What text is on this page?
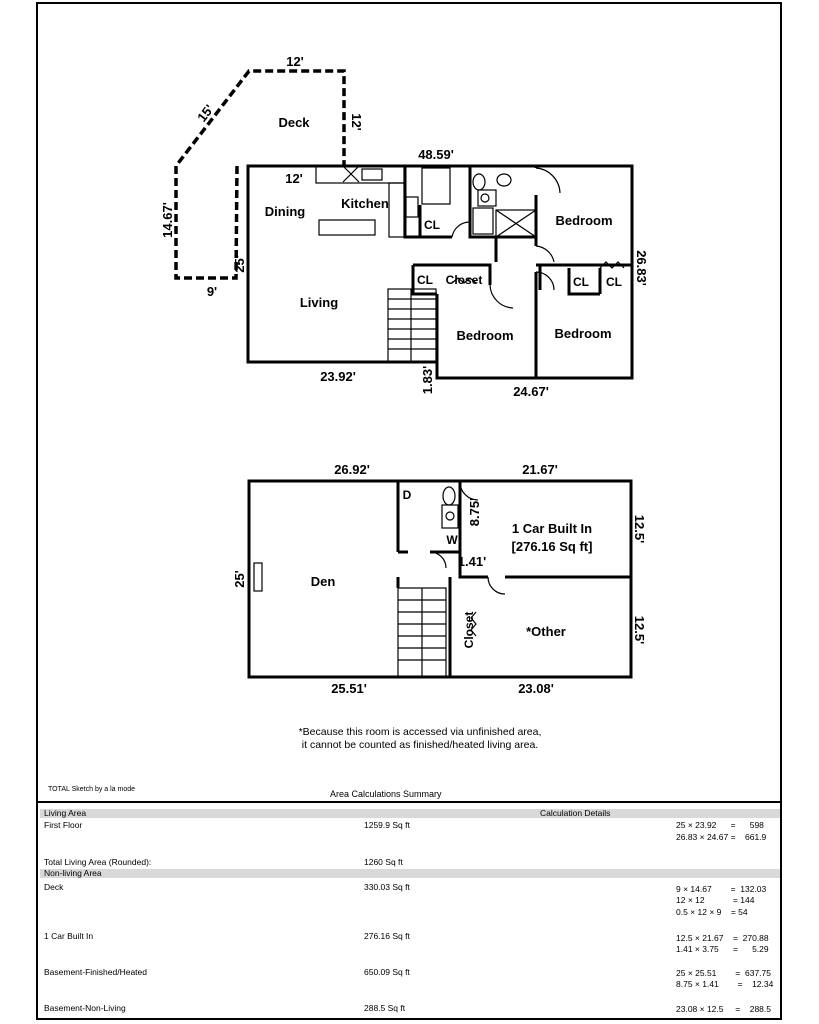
Deck
Dining
Kitchen
Living
Bedroom
Bedroom	Bedroom
CL
CL Closet	CL CL
12'
15'	12'
12'
14.67'
9'
25'
48.59'
26.83'
23.92'	1.83'	24.67'
Den
1 Car Built In
[276.16 Sq ft]
*Other
Closet
D
W
26.92'	21.67'
25'
8.75'
12.5'
1.41'
12.5'
25.51'	23.08'
*Because this room is accessed via unfinished area,
it cannot be counted as finished/heated living area.
TOTAL Sketch by a la mode	Area Calculations Summary
Living Area	Calculation Details
First Floor	1259.9 Sq ft	25 × 23.92      =      598
26.83 × 24.67 =    661.9
Total Living Area (Rounded):	1260 Sq ft
Non-living Area
Deck	330.03 Sq ft	9 × 14.67        =  132.03
12 × 12            = 144
0.5 × 12 × 9    = 54
1 Car Built In	276.16 Sq ft	12.5 × 21.67    =  270.88
1.41 × 3.75      =      5.29
Basement-Finished/Heated	650.09 Sq ft	25 × 25.51        =  637.75
8.75 × 1.41        =    12.34
Basement-Non-Living	288.5 Sq ft	23.08 × 12.5     =    288.5
